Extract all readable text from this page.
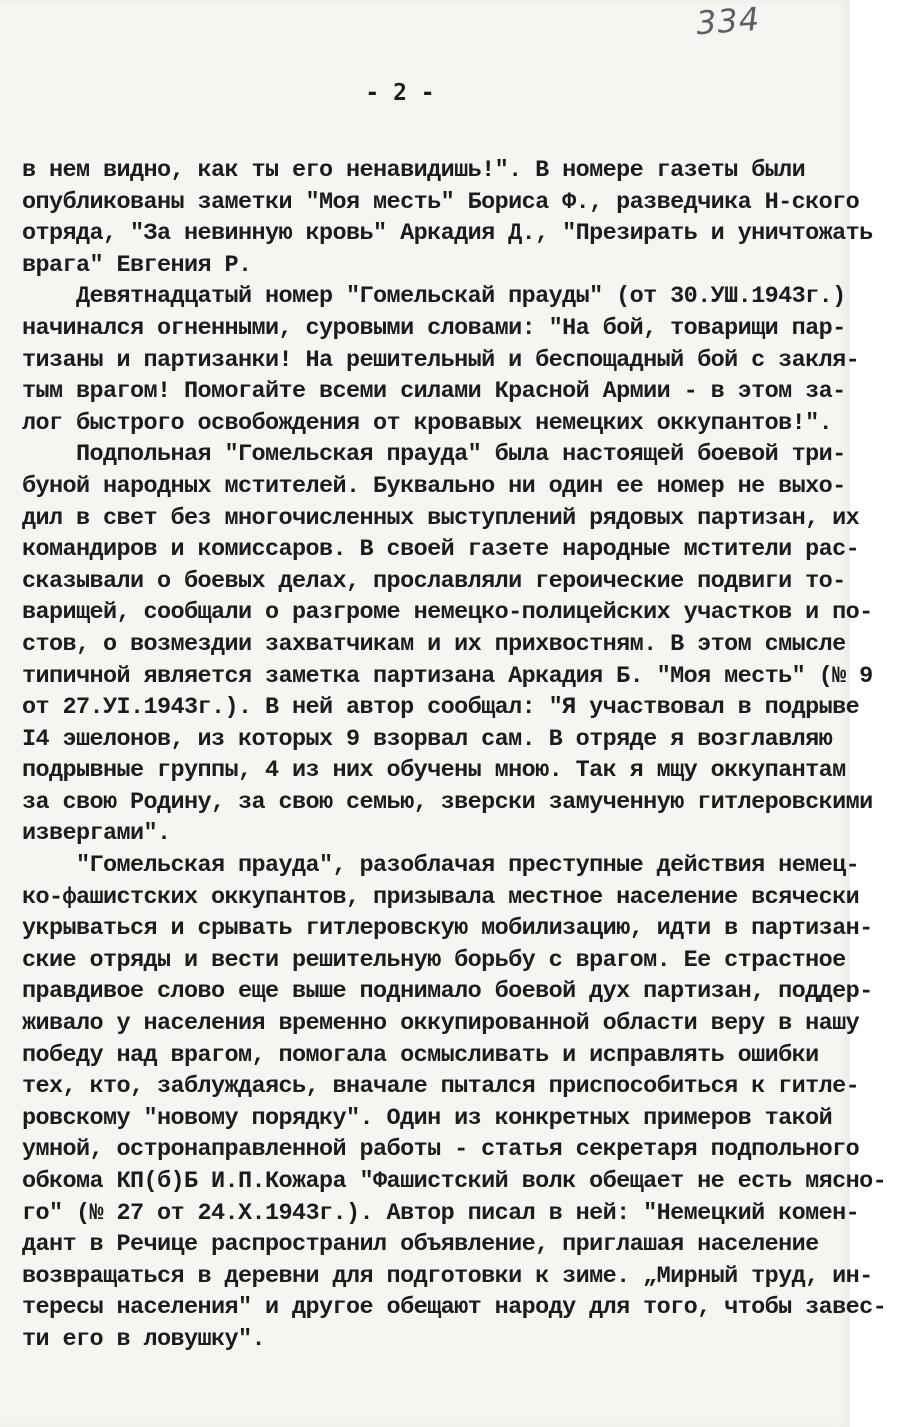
334
- 2 -
в нем видно, как ты его ненавидишь!". В номере газеты были
опубликованы заметки "Моя месть" Бориса Ф., разведчика Н-ского
отряда, "За невинную кровь" Аркадия Д., "Презирать и уничтожать
врага" Евгения Р.
Девятнадцатый номер "Гомельскай прауды" (от 30.УШ.1943г.)
начинался огненными, суровыми словами: "На бой, товарищи пар-
тизаны и партизанки! На решительный и беспощадный бой с закля-
тым врагом! Помогайте всеми силами Красной Армии - в этом за-
лог быстрого освобождения от кровавых немецких оккупантов!".
Подпольная "Гомельская прауда" была настоящей боевой три-
буной народных мстителей. Буквально ни один ее номер не выхо-
дил в свет без многочисленных выступлений рядовых партизан, их
командиров и комиссаров. В своей газете народные мстители рас-
сказывали о боевых делах, прославляли героические подвиги то-
варищей, сообщали о разгроме немецко-полицейских участков и по-
стов, о возмездии захватчикам и их прихвостням. В этом смысле
типичной является заметка партизана Аркадия Б. "Моя месть" (№ 9
от 27.УI.1943г.). В ней автор сообщал: "Я участвовал в подрыве
I4 эшелонов, из которых 9 взорвал сам. В отряде я возглавляю
подрывные группы, 4 из них обучены мною. Так я мщу оккупантам
за свою Родину, за свою семью, зверски замученную гитлеровскими
извергами".
"Гомельская прауда", разоблачая преступные действия немец-
ко-фашистских оккупантов, призывала местное население всячески
укрываться и срывать гитлеровскую мобилизацию, идти в партизан-
ские отряды и вести решительную борьбу с врагом. Ее страстное
правдивое слово еще выше поднимало боевой дух партизан, поддер-
живало у населения временно оккупированной области веру в нашу
победу над врагом, помогала осмысливать и исправлять ошибки
тех, кто, заблуждаясь, вначале пытался приспособиться к гитле-
ровскому "новому порядку". Один из конкретных примеров такой
умной, остронаправленной работы - статья секретаря подпольного
обкома КП(б)Б И.П.Кожара "Фашистский волк обещает не есть мясно-
го" (№ 27 от 24.Х.1943г.). Автор писал в ней: "Немецкий комен-
дант в Речице распространил объявление, приглашая население
возвращаться в деревни для подготовки к зиме. „Мирный труд, ин-
тересы населения" и другое обещают народу для того, чтобы завес-
ти его в ловушку".
